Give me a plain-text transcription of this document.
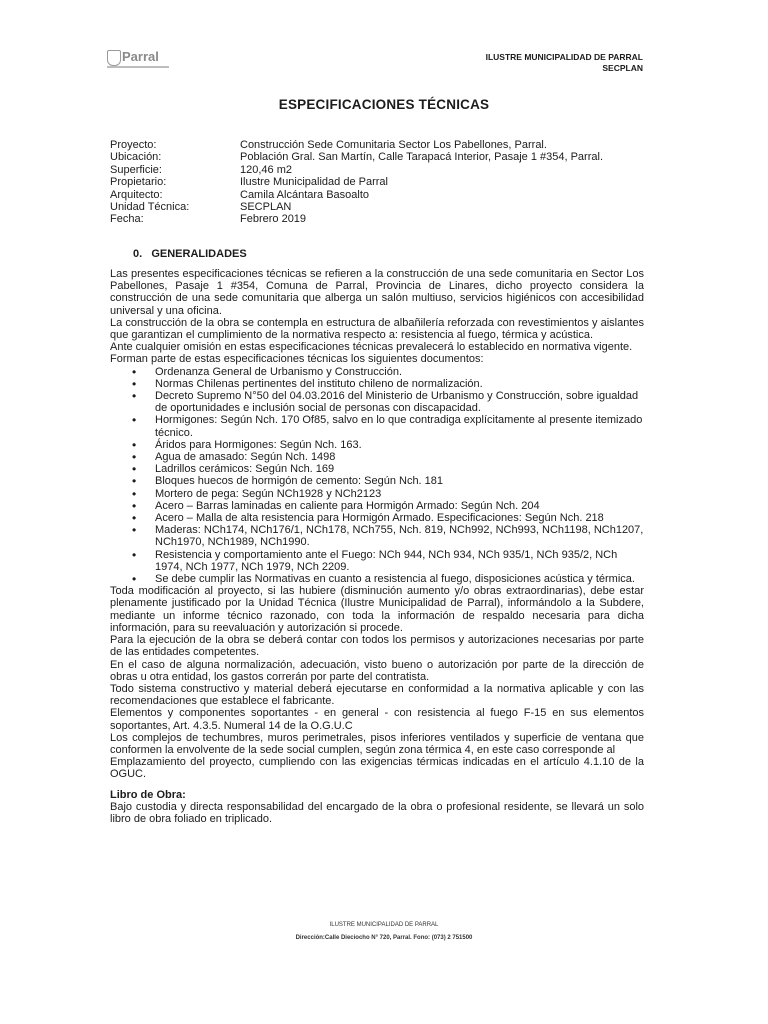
Parral	ILUSTRE MUNICIPALIDAD DE PARRAL
SECPLAN
ESPECIFICACIONES TÉCNICAS
Proyecto:	Construcción Sede Comunitaria Sector Los Pabellones, Parral.
Ubicación:	Población Gral. San Martín, Calle Tarapacá Interior, Pasaje 1 #354, Parral.
Superficie:	120,46 m2
Propietario:	Ilustre Municipalidad de Parral
Arquitecto:	Camila Alcántara Basoalto
Unidad Técnica:	SECPLAN
Fecha:	Febrero 2019
0.   GENERALIDADES

Las presentes especificaciones técnicas se refieren a la construcción de una sede comunitaria en Sector Los Pabellones, Pasaje 1 #354, Comuna de Parral, Provincia de Linares, dicho proyecto considera la construcción de una sede comunitaria que alberga un salón multiuso, servicios higiénicos con accesibilidad universal y una oficina.

La construcción de la obra se contempla en estructura de albañilería reforzada con revestimientos y aislantes que garantizan el cumplimiento de la normativa respecto a: resistencia al fuego, térmica y acústica.

Ante cualquier omisión en estas especificaciones técnicas prevalecerá lo establecido en normativa vigente.

Forman parte de estas especificaciones técnicas los siguientes documentos:

• Ordenanza General de Urbanismo y Construcción.
• Normas Chilenas pertinentes del instituto chileno de normalización.
• Decreto Supremo N°50 del 04.03.2016 del Ministerio de Urbanismo y Construcción, sobre igualdad de oportunidades e inclusión social de personas con discapacidad.
• Hormigones: Según Nch. 170 Of85, salvo en lo que contradiga explícitamente al presente itemizado técnico.
• Áridos para Hormigones: Según Nch. 163.
• Agua de amasado: Según Nch. 1498
• Ladrillos cerámicos: Según Nch. 169
• Bloques huecos de hormigón de cemento: Según Nch. 181
• Mortero de pega: Según NCh1928 y NCh2123
• Acero – Barras laminadas en caliente para Hormigón Armado: Según Nch. 204
• Acero – Malla de alta resistencia para Hormigón Armado. Especificaciones: Según Nch. 218
• Maderas: NCh174, NCh176/1, NCh178, NCh755, Nch. 819, NCh992, NCh993, NCh1198, NCh1207, NCh1970, NCh1989, NCh1990.
• Resistencia y comportamiento ante el Fuego: NCh 944, NCh 934, NCh 935/1, NCh 935/2, NCh 1974, NCh 1977, NCh 1979, NCh 2209.
• Se debe cumplir las Normativas en cuanto a resistencia al fuego, disposiciones acústica y térmica.

Toda modificación al proyecto, si las hubiere (disminución aumento y/o obras extraordinarias), debe estar plenamente justificado por la Unidad Técnica (Ilustre Municipalidad de Parral), informándolo a la Subdere, mediante un informe técnico razonado, con toda la información de respaldo necesaria para dicha información, para su reevaluación y autorización si procede.

Para la ejecución de la obra se deberá contar con todos los permisos y autorizaciones necesarias por parte de las entidades competentes.

En el caso de alguna normalización, adecuación, visto bueno o autorización por parte de la dirección de obras u otra entidad, los gastos correrán por parte del contratista.

Todo sistema constructivo y material deberá ejecutarse en conformidad a la normativa aplicable y con las recomendaciones que establece el fabricante.

Elementos y componentes soportantes - en general - con resistencia al fuego F-15 en sus elementos soportantes, Art. 4.3.5. Numeral 14 de la O.G.U.C

Los complejos de techumbres, muros perimetrales, pisos inferiores ventilados y superficie de ventana que conformen la envolvente de la sede social cumplen, según zona térmica 4, en este caso corresponde al

Emplazamiento del proyecto, cumpliendo con las exigencias térmicas indicadas en el artículo 4.1.10 de la OGUC.

Libro de Obra:

Bajo custodia y directa responsabilidad del encargado de la obra o profesional residente, se llevará un solo libro de obra foliado en triplicado.

ILUSTRE MUNICIPALIDAD DE PARRAL
Dirección:Calle Dieciocho N° 720, Parral. Fono: (073) 2 751500
